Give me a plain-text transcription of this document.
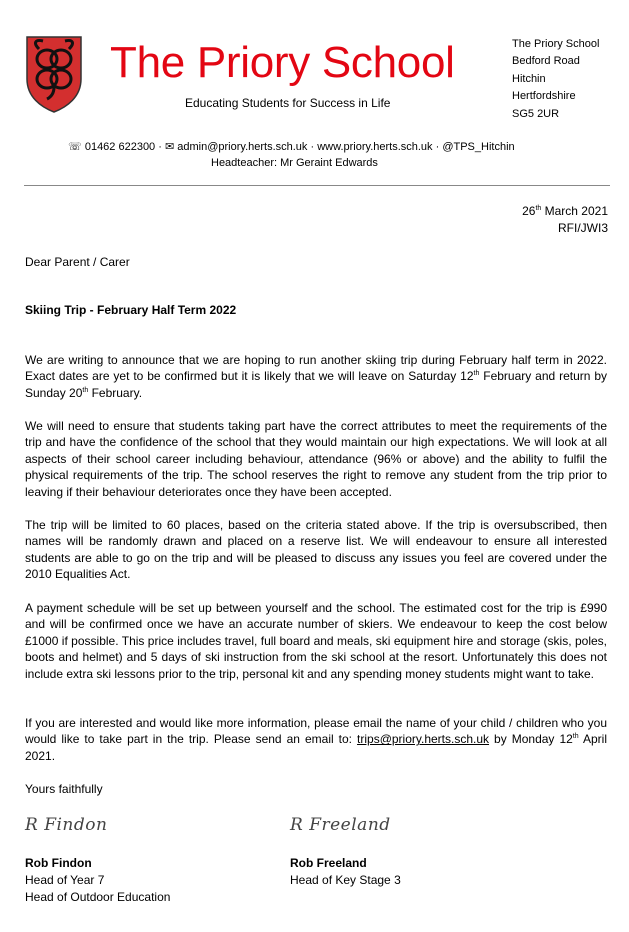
The Priory School
Educating Students for Success in Life
The Priory School
Bedford Road
Hitchin
Hertfordshire
SG5 2UR
☏ 01462 622300 · ✉ admin@priory.herts.sch.uk · www.priory.herts.sch.uk · @TPS_Hitchin
Headteacher: Mr Geraint Edwards
26th March 2021
RFI/JWI3
Dear Parent / Carer
Skiing Trip - February Half Term 2022
We are writing to announce that we are hoping to run another skiing trip during February half term in 2022. Exact dates are yet to be confirmed but it is likely that we will leave on Saturday 12th February and return by Sunday 20th February.
We will need to ensure that students taking part have the correct attributes to meet the requirements of the trip and have the confidence of the school that they would maintain our high expectations. We will look at all aspects of their school career including behaviour, attendance (96% or above) and the ability to fulfil the physical requirements of the trip. The school reserves the right to remove any student from the trip prior to leaving if their behaviour deteriorates once they have been accepted.
The trip will be limited to 60 places, based on the criteria stated above. If the trip is oversubscribed, then names will be randomly drawn and placed on a reserve list. We will endeavour to ensure all interested students are able to go on the trip and will be pleased to discuss any issues you feel are covered under the 2010 Equalities Act.
A payment schedule will be set up between yourself and the school. The estimated cost for the trip is £990 and will be confirmed once we have an accurate number of skiers. We endeavour to keep the cost below £1000 if possible. This price includes travel, full board and meals, ski equipment hire and storage (skis, poles, boots and helmet) and 5 days of ski instruction from the ski school at the resort. Unfortunately this does not include extra ski lessons prior to the trip, personal kit and any spending money students might want to take.
If you are interested and would like more information, please email the name of your child / children who you would like to take part in the trip. Please send an email to: trips@priory.herts.sch.uk by Monday 12th April 2021.
Yours faithfully
R Findon	R Freeland
Rob Findon
Head of Year 7
Head of Outdoor Education
Rob Freeland
Head of Key Stage 3
